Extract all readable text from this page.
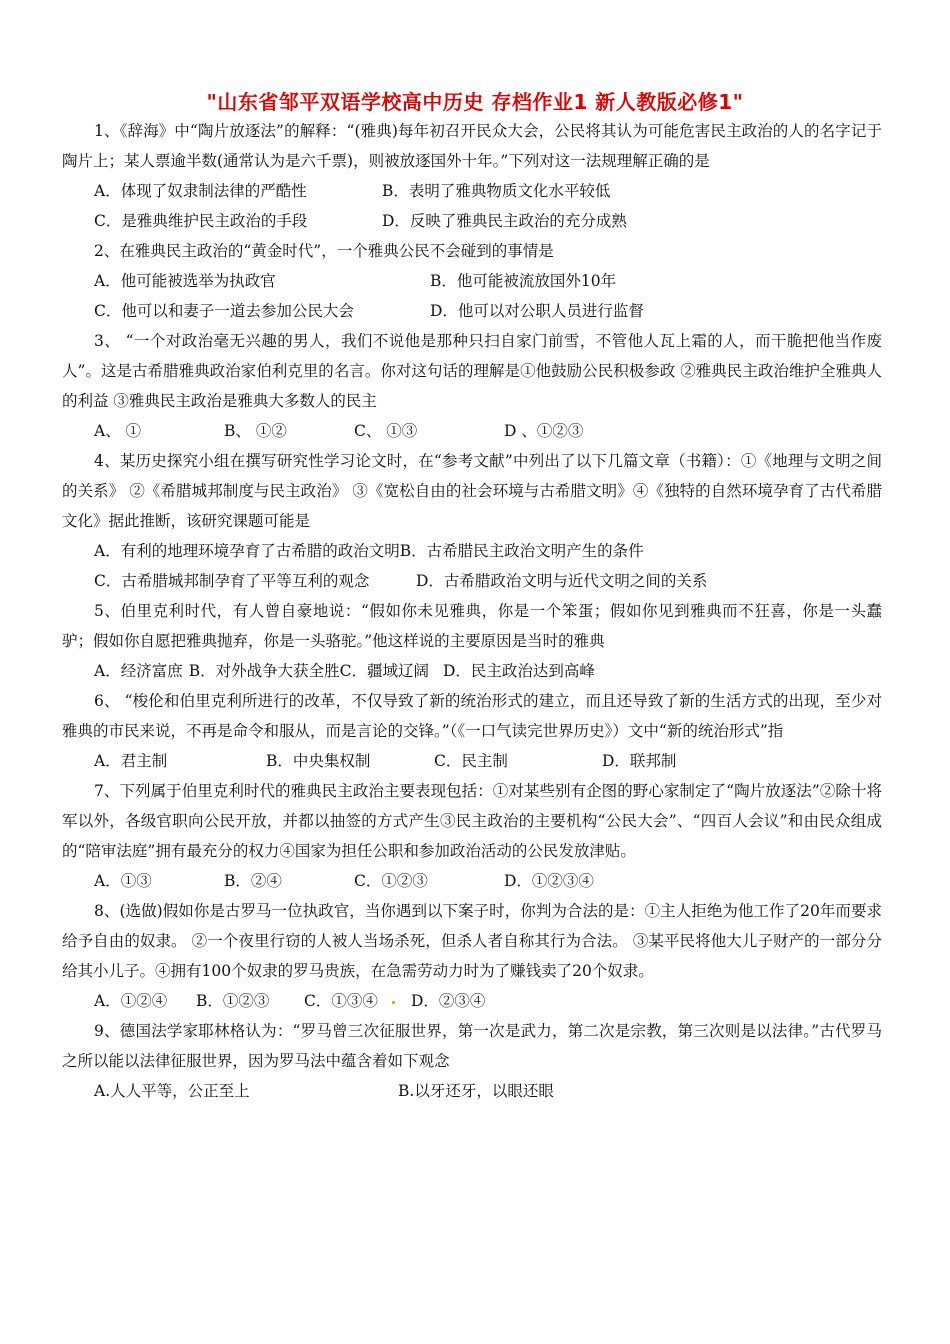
"山东省邹平双语学校高中历史 存档作业1 新人教版必修1"

1、《辞海》中“陶片放逐法”的解释：“(雅典)每年初召开民众大会，公民将其认为可能危害民主政治的人的名字记于陶片上；某人票逾半数(通常认为是六千票)，则被放逐国外十年。”下列对这一法规理解正确的是

A．体现了奴隶制法律的严酷性	B．表明了雅典物质文化水平较低
C．是雅典维护民主政治的手段	D．反映了雅典民主政治的充分成熟

2、在雅典民主政治的“黄金时代”，一个雅典公民不会碰到的事情是

A．他可能被选举为执政官	B．他可能被流放国外10年
C．他可以和妻子一道去参加公民大会	D．他可以对公职人员进行监督

3、 “一个对政治毫无兴趣的男人，我们不说他是那种只扫自家门前雪，不管他人瓦上霜的人，而干脆把他当作废人”。这是古希腊雅典政治家伯利克里的名言。你对这句话的理解是①他鼓励公民积极参政 ②雅典民主政治维护全雅典人的利益 ③雅典民主政治是雅典大多数人的民主

A、 ①	B、 ①②	C、 ①③	D 、①②③

4、某历史探究小组在撰写研究性学习论文时，在“参考文献”中列出了以下几篇文章（书籍）：①《地理与文明之间的关系》 ②《希腊城邦制度与民主政治》 ③《宽松自由的社会环境与古希腊文明》④《独特的自然环境孕育了古代希腊文化》据此推断，该研究课题可能是

A．有利的地理环境孕育了古希腊的政治文明B．古希腊民主政治文明产生的条件
C．古希腊城邦制孕育了平等互利的观念	D．古希腊政治文明与近代文明之间的关系

5、伯里克利时代，有人曾自豪地说：“假如你未见雅典，你是一个笨蛋；假如你见到雅典而不狂喜，你是一头蠢驴；假如你自愿把雅典抛弃，你是一头骆驼。”他这样说的主要原因是当时的雅典

A．经济富庶 B．对外战争大获全胜C．疆域辽阔 D．民主政治达到高峰

6、 “梭伦和伯里克利所进行的改革，不仅导致了新的统治形式的建立，而且还导致了新的生活方式的出现，至少对雅典的市民来说，不再是命令和服从，而是言论的交锋。”（《一口气读完世界历史》）文中“新的统治形式”指

A．君主制	B．中央集权制	C．民主制	D．联邦制

7、下列属于伯里克利时代的雅典民主政治主要表现包括：①对某些别有企图的野心家制定了“陶片放逐法”②除十将军以外，各级官职向公民开放，并都以抽签的方式产生③民主政治的主要机构“公民大会”、“四百人会议”和由民众组成的“陪审法庭”拥有最充分的权力④国家为担任公职和参加政治活动的公民发放津贴。

A．①③	B．②④	C．①②③	D．①②③④

8、(选做)假如你是古罗马一位执政官，当你遇到以下案子时，你判为合法的是：①主人拒绝为他工作了20年而要求给予自由的奴隶。 ②一个夜里行窃的人被人当场杀死，但杀人者自称其行为合法。 ③某平民将他大儿子财产的一部分分给其小儿子。④拥有100个奴隶的罗马贵族，在急需劳动力时为了赚钱卖了20个奴隶。

A．①②④ B．①②③ C．①③④ D．②③④

9、德国法学家耶林格认为：“罗马曾三次征服世界，第一次是武力，第二次是宗教，第三次则是以法律。”古代罗马之所以能以法律征服世界，因为罗马法中蕴含着如下观念

A.人人平等，公正至上	B.以牙还牙，以眼还眼
